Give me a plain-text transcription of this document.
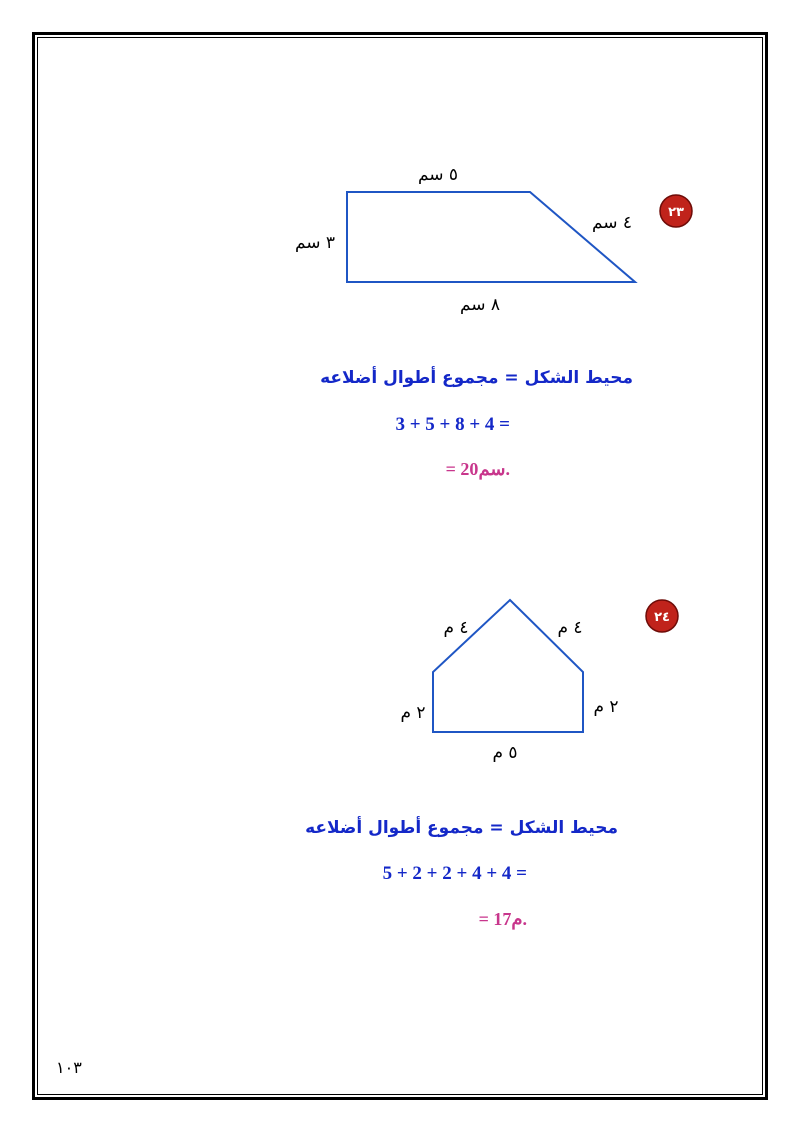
٥ سم
٤ سم
٣ سم
٨ سم
٢٣
٤ م	٤ م
٢ م	٢ م
٥ م
٢٤
محيط الشكل = مجموع أطوال أضلاعه
3 + 5 + 8 + 4 =
= 20سم.
محيط الشكل = مجموع أطوال أضلاعه
5 + 2 + 2 + 4 + 4 =
= 17م.
١٠٣
